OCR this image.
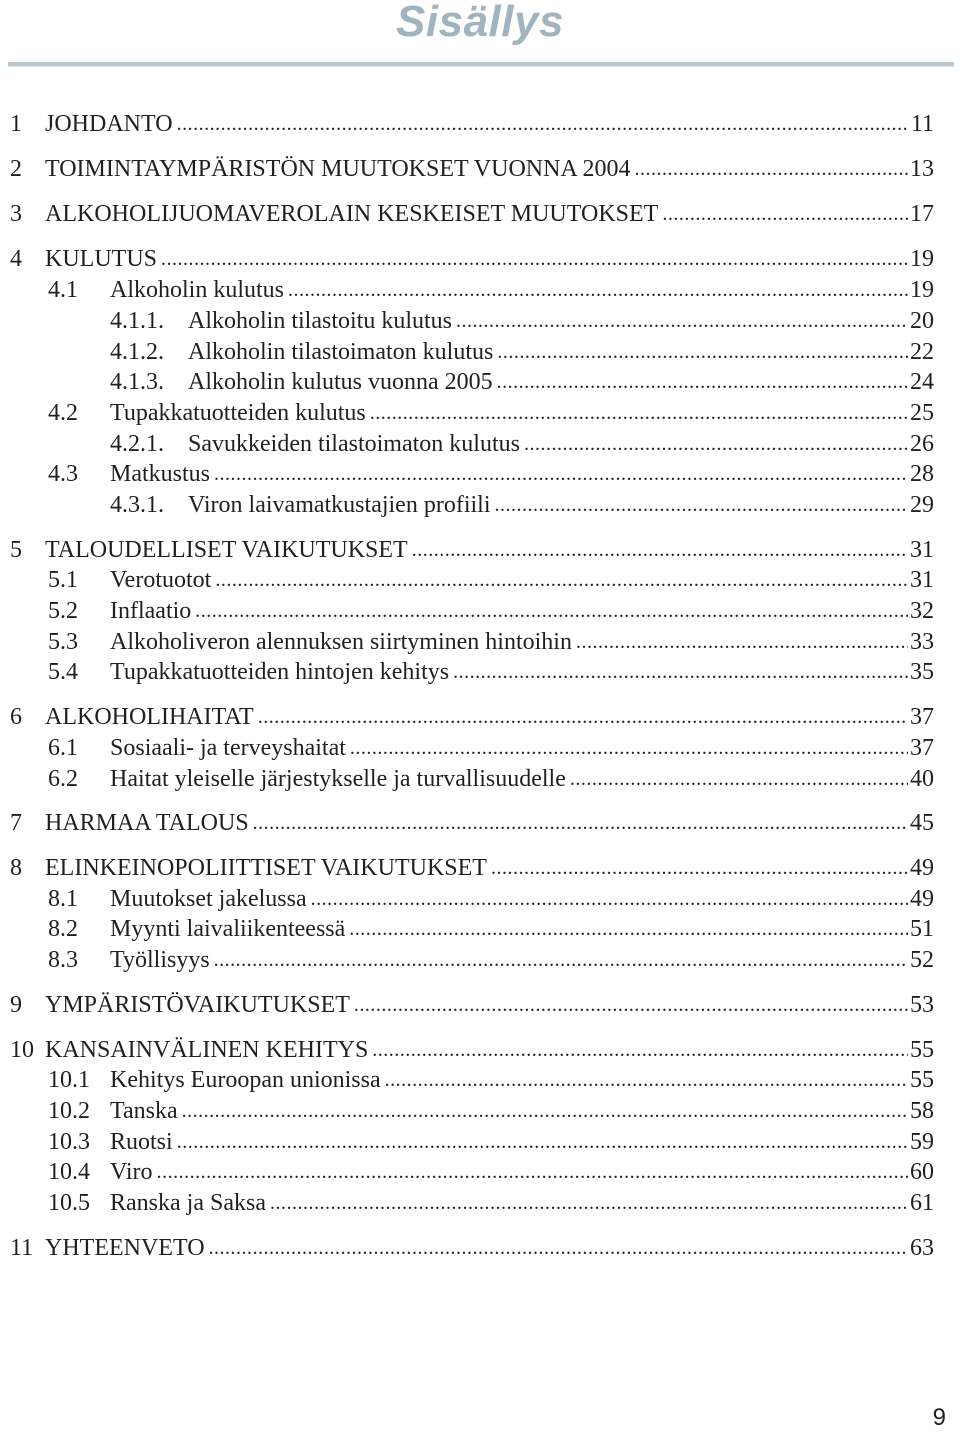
Sisällys
1 JOHDANTO .....	11
2 TOIMINTAYMPÄRISTÖN MUUTOKSET VUONNA 2004 .....	13
3 ALKOHOLIJUOMAVEROLAIN KESKEISET MUUTOKSET .....	17
4 KULUTUS .....	19
4.1	Alkoholin kulutus .....	19
4.1.1.	Alkoholin tilastoitu kulutus .....	20
4.1.2.	Alkoholin tilastoimaton kulutus .....	22
4.1.3.	Alkoholin kulutus vuonna 2005 .....	24
4.2	Tupakkatuotteiden kulutus .....	25
4.2.1.	Savukkeiden tilastoimaton kulutus .....	26
4.3	Matkustus .....	28
4.3.1.	Viron laivamatkustajien profiili .....	29
5 TALOUDELLISET VAIKUTUKSET .....	31
5.1	Verotuotot .....	31
5.2	Inflaatio .....	32
5.3	Alkoholiveron alennuksen siirtyminen hintoihin .....	33
5.4	Tupakkatuotteiden hintojen kehitys .....	35
6 ALKOHOLIHAITAT .....	37
6.1	Sosiaali- ja terveyshaitat .....	37
6.2	Haitat yleiselle järjestykselle ja turvallisuudelle .....	40
7 HARMAA TALOUS .....	45
8 ELINKEINOPOLIITTISET VAIKUTUKSET .....	49
8.1	Muutokset jakelussa .....	49
8.2	Myynti laivaliikenteessä .....	51
8.3	Työllisyys .....	52
9 YMPÄRISTÖVAIKUTUKSET .....	53
10 KANSAINVÄLINEN KEHITYS .....	55
10.1 Kehitys Euroopan unionissa .....	55
10.2 Tanska .....	58
10.3 Ruotsi .....	59
10.4 Viro .....	60
10.5 Ranska ja Saksa .....	61
11 YHTEENVETO .....	63
9
